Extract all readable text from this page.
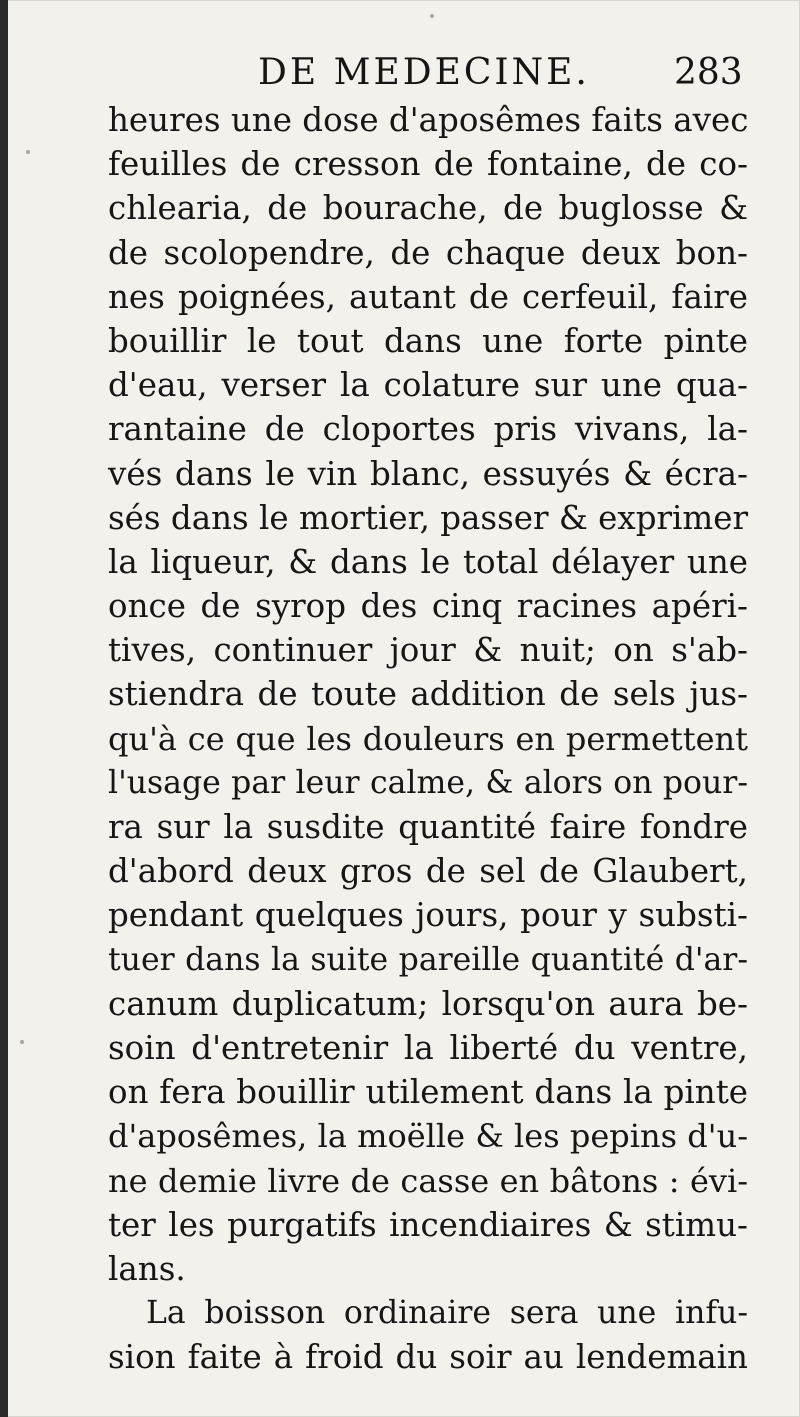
DE MEDECINE. 283
heures une dose d'aposêmes faits avec
feuilles de cresson de fontaine, de co-
chlearia, de bourache, de buglosse &
de scolopendre, de chaque deux bon-
nes poignées, autant de cerfeuil, faire
bouillir le tout dans une forte pinte
d'eau, verser la colature sur une qua-
rantaine de cloportes pris vivans, la-
vés dans le vin blanc, essuyés & écra-
sés dans le mortier, passer & exprimer
la liqueur, & dans le total délayer une
once de syrop des cinq racines apéri-
tives, continuer jour & nuit; on s'ab-
stiendra de toute addition de sels jus-
qu'à ce que les douleurs en permettent
l'usage par leur calme, & alors on pour-
ra sur la susdite quantité faire fondre
d'abord deux gros de sel de Glaubert,
pendant quelques jours, pour y substi-
tuer dans la suite pareille quantité d'ar-
canum duplicatum; lorsqu'on aura be-
soin d'entretenir la liberté du ventre,
on fera bouillir utilement dans la pinte
d'aposêmes, la moëlle & les pepins d'u-
ne demie livre de casse en bâtons : évi-
ter les purgatifs incendiaires & stimu-
lans.
La boisson ordinaire sera une infu-
sion faite à froid du soir au lendemain
